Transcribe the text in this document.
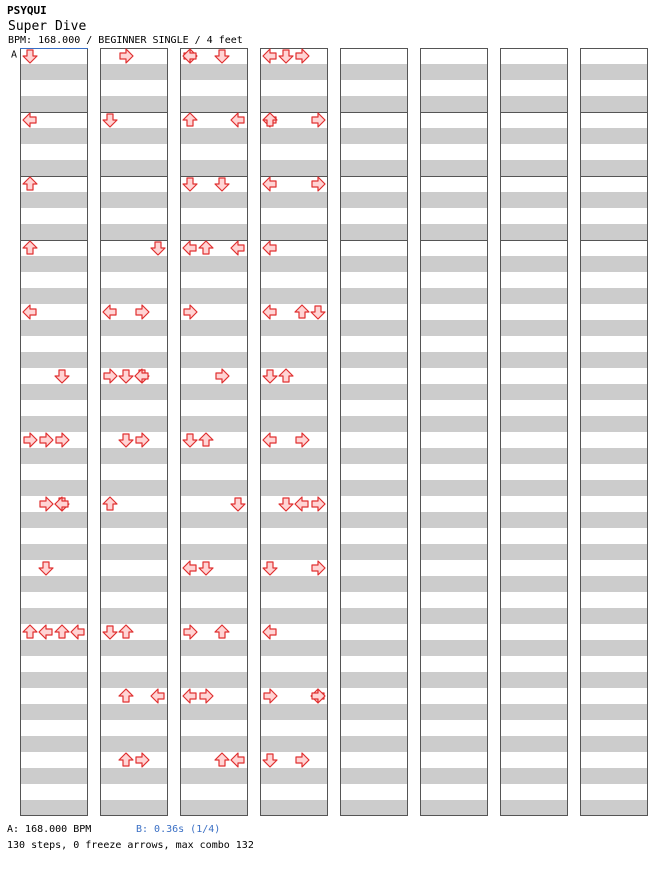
PSYQUI
Super Dive
BPM: 168.000 / BEGINNER SINGLE / 4 feet
A
A: 168.000 BPM	B: 0.36s (1/4)
130 steps, 0 freeze arrows, max combo 132
